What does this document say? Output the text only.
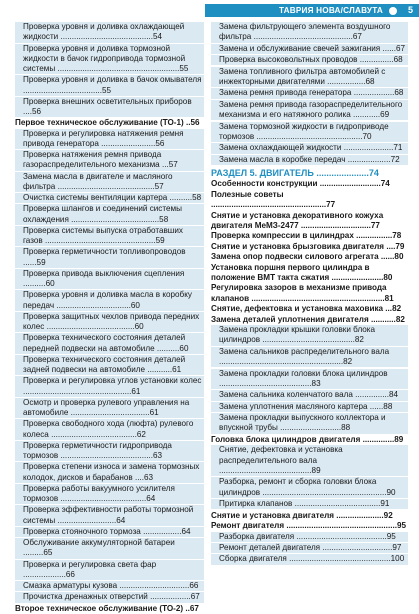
ТАВРИЯ НОВА/СЛАВУТА	5
Проверка уровня и доливка охлаждающей жидкости .........................................54
Проверка уровня и доливка тормозной жидкости в бачок гидропривода тормозной системы ......................................................55
Проверка уровня и доливка в бачок омывателя ...................................55
Проверка внешних осветительных приборов ....56
Первое техническое обслуживание (ТО-1) ..56
Проверка и регулировка натяжения ремня привода генератора ........................56
Проверка натяжения ремня привода газораспределительного механизма ...57
Замена масла в двигателе и масляного фильтра ...........................................57
Очистка системы вентиляции картера ..........58
Проверка шлангов и соединений системы охлаждения .......................................58
Проверка системы выпуска отработавших газов .................................................59
Проверка герметичности топливопроводов ......59
Проверка привода выключения сцепления ..........60
Проверка уровня и доливка масла в коробку передач .................................60
Проверка защитных чехлов привода передних колес .......................................60
Проверка технического состояния деталей передней подвески на автомобиле ..........60
Проверка технического состояния деталей задней подвески на автомобиле ...........61
Проверка и регулировка углов установки колес ................................................61
Осмотр и проверка рулевого управления на автомобиле ...................................61
Проверка свободного хода (люфта) рулевого колеса ......................................62
Проверка герметичности гидропривода тормозов .........................................63
Проверка степени износа и замена тормозных колодок, дисков и барабанов ....63
Проверка работы вакуумного усилителя тормозов ......................................64
Проверка эффективности работы тормозной системы ..........................64
Проверка стояночного тормоза .................64
Обслуживание аккумуляторной батареи .........65
Проверка и регулировка света фар ...................66
Смазка арматуры кузова ...............................66
Прочистка дренажных отверстий ..................67
Второе техническое обслуживание (ТО-2) ..67
Замена фильтрующего элемента воздушного фильтра ............................................67
Замена и обслуживание свечей зажигания ......67
Проверка высоковольтных проводов ...............68
Замена топливного фильтра автомобилей с инжекторными двигателями .................68
Замена ремня привода генератора ..................68
Замена ремня привода газораспределительного механизма и его натяжного ролика ............69
Замена тормозной жидкости в гидроприводе тормозов ...............................................70
Замена охлаждающей жидкости ......................71
Замена масла в коробке передач ...................72
РАЗДЕЛ 5. ДВИГАТЕЛЬ .....................74
Особенности конструкции ...........................74
Полезные советы ...................................................77
Снятие и установка декоративного кожуха двигателя МеМЗ-2477 ...............................77
Проверка компрессии в цилиндрах ................78
Снятие и установка брызговика двигателя ....79
Замена опор подвески силового агрегата ......80
Установка поршня первого цилиндра в положение ВМТ такта сжатия .......................80
Регулировка зазоров в механизме привода клапанов ...........................................................81
Снятие, дефектовка и установка маховика ...82
Замена деталей уплотнения двигателя ...........82
Замена прокладки крышки головки блока цилиндров .........................................82
Замена сальников распределительного вала .......................................................82
Замена прокладки головки блока цилиндров .........................................83
Замена сальника коленчатого вала ...............84
Замена уплотнения масляного картера ......88
Замена прокладки выпускного коллектора и впускной трубы ...........................88
Головка блока цилиндров двигателя ..............89
Снятие, дефектовка и установка распределительного вала .........................................89
Разборка, ремонт и сборка головки блока цилиндров .......................................................90
Притирка клапанов ......................................91
Снятие и установка двигателя .....................92
Ремонт двигателя .................................................95
Разборка двигателя ........................................95
Ремонт деталей двигателя ...............................97
Сборка двигателя .............................................100
